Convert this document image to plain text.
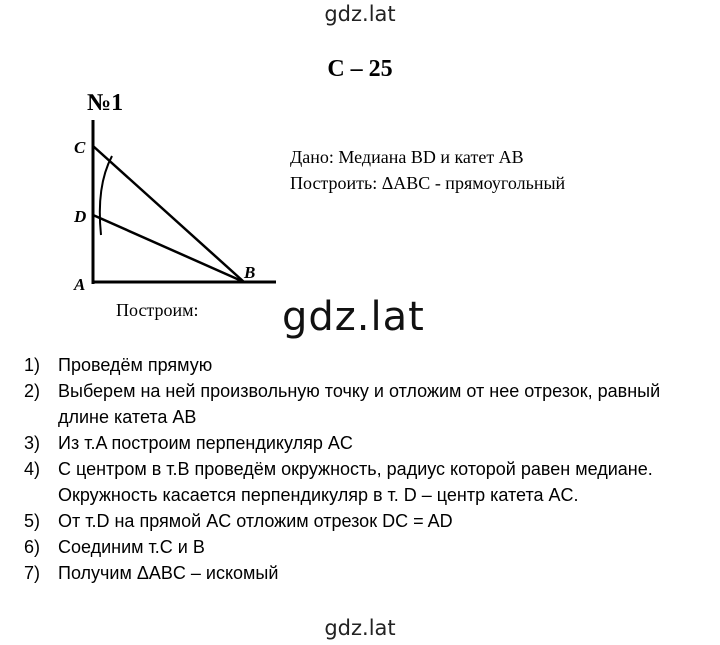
gdz.lat
С – 25
№1
C
D
A
B
Дано: Медиана BD и катет AB
Построить: ΔABC - прямоугольный
Построим: gdz.lat
1) Проведём прямую
2) Выберем на ней произвольную точку и отложим от нее отрезок, равный длине катета AB
3) Из т.A построим перпендикуляр AC
4) С центром в т.B проведём окружность, радиус которой равен медиане. Окружность касается перпендикуляр в т. D – центр катета AC.
5) От т.D на прямой AC отложим отрезок DC = AD
6) Соединим т.C и B
7) Получим ΔABC – искомый
gdz.lat
